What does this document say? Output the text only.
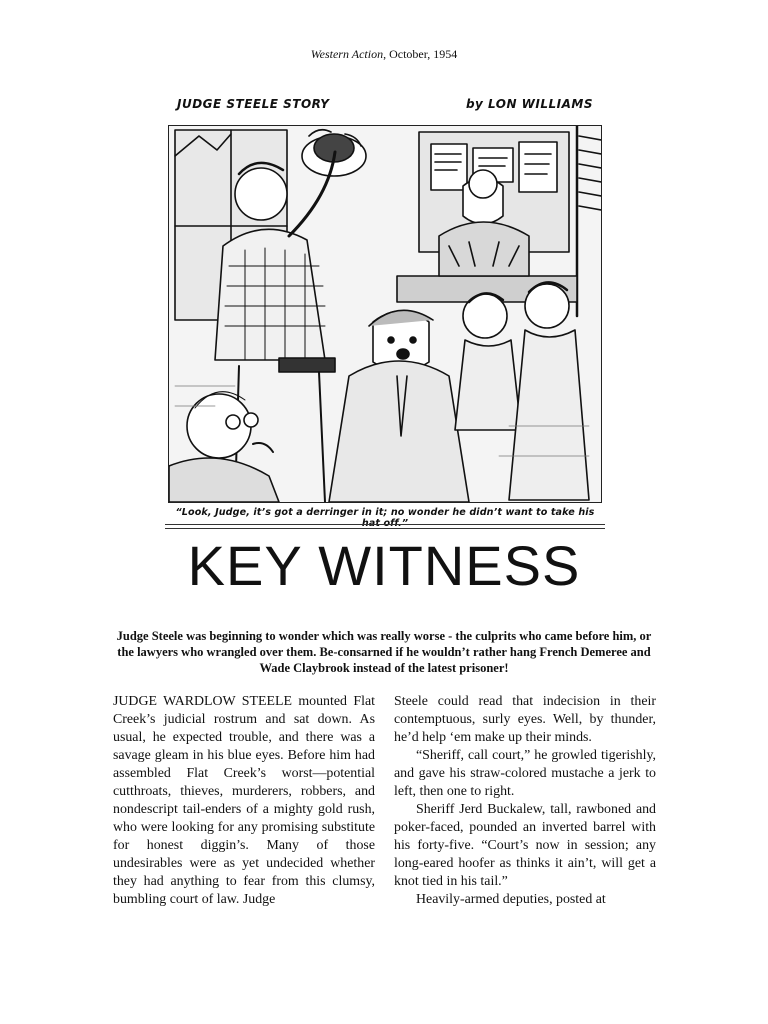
Western Action, October, 1954
JUDGE STEELE STORY	by LON WILLIAMS
“Look, Judge, it’s got a derringer in it; no wonder he didn’t want to take his hat off.”
KEY WITNESS
Judge Steele was beginning to wonder which was really worse - the culprits who came before him, or the lawyers who wrangled over them. Be-consarned if he wouldn’t rather hang French Demeree and Wade Claybrook instead of the latest prisoner!

JUDGE WARDLOW STEELE mounted Flat Creek’s judicial rostrum and sat down. As usual, he expected trouble, and there was a savage gleam in his blue eyes. Before him had assembled Flat Creek’s worst—potential cutthroats, thieves, murderers, robbers, and nondescript tail-enders of a mighty gold rush, who were looking for any promising substitute for honest diggin’s. Many of those undesirables were as yet undecided whether they had anything to fear from this clumsy, bumbling court of law. Judge

Steele could read that indecision in their contemptuous, surly eyes. Well, by thunder, he’d help ‘em make up their minds.

“Sheriff, call court,” he growled tigerishly, and gave his straw-colored mustache a jerk to left, then one to right.

Sheriff Jerd Buckalew, tall, rawboned and poker-faced, pounded an inverted barrel with his forty-five. “Court’s now in session; any long-eared hoofer as thinks it ain’t, will get a knot tied in his tail.”

Heavily-armed deputies, posted at
